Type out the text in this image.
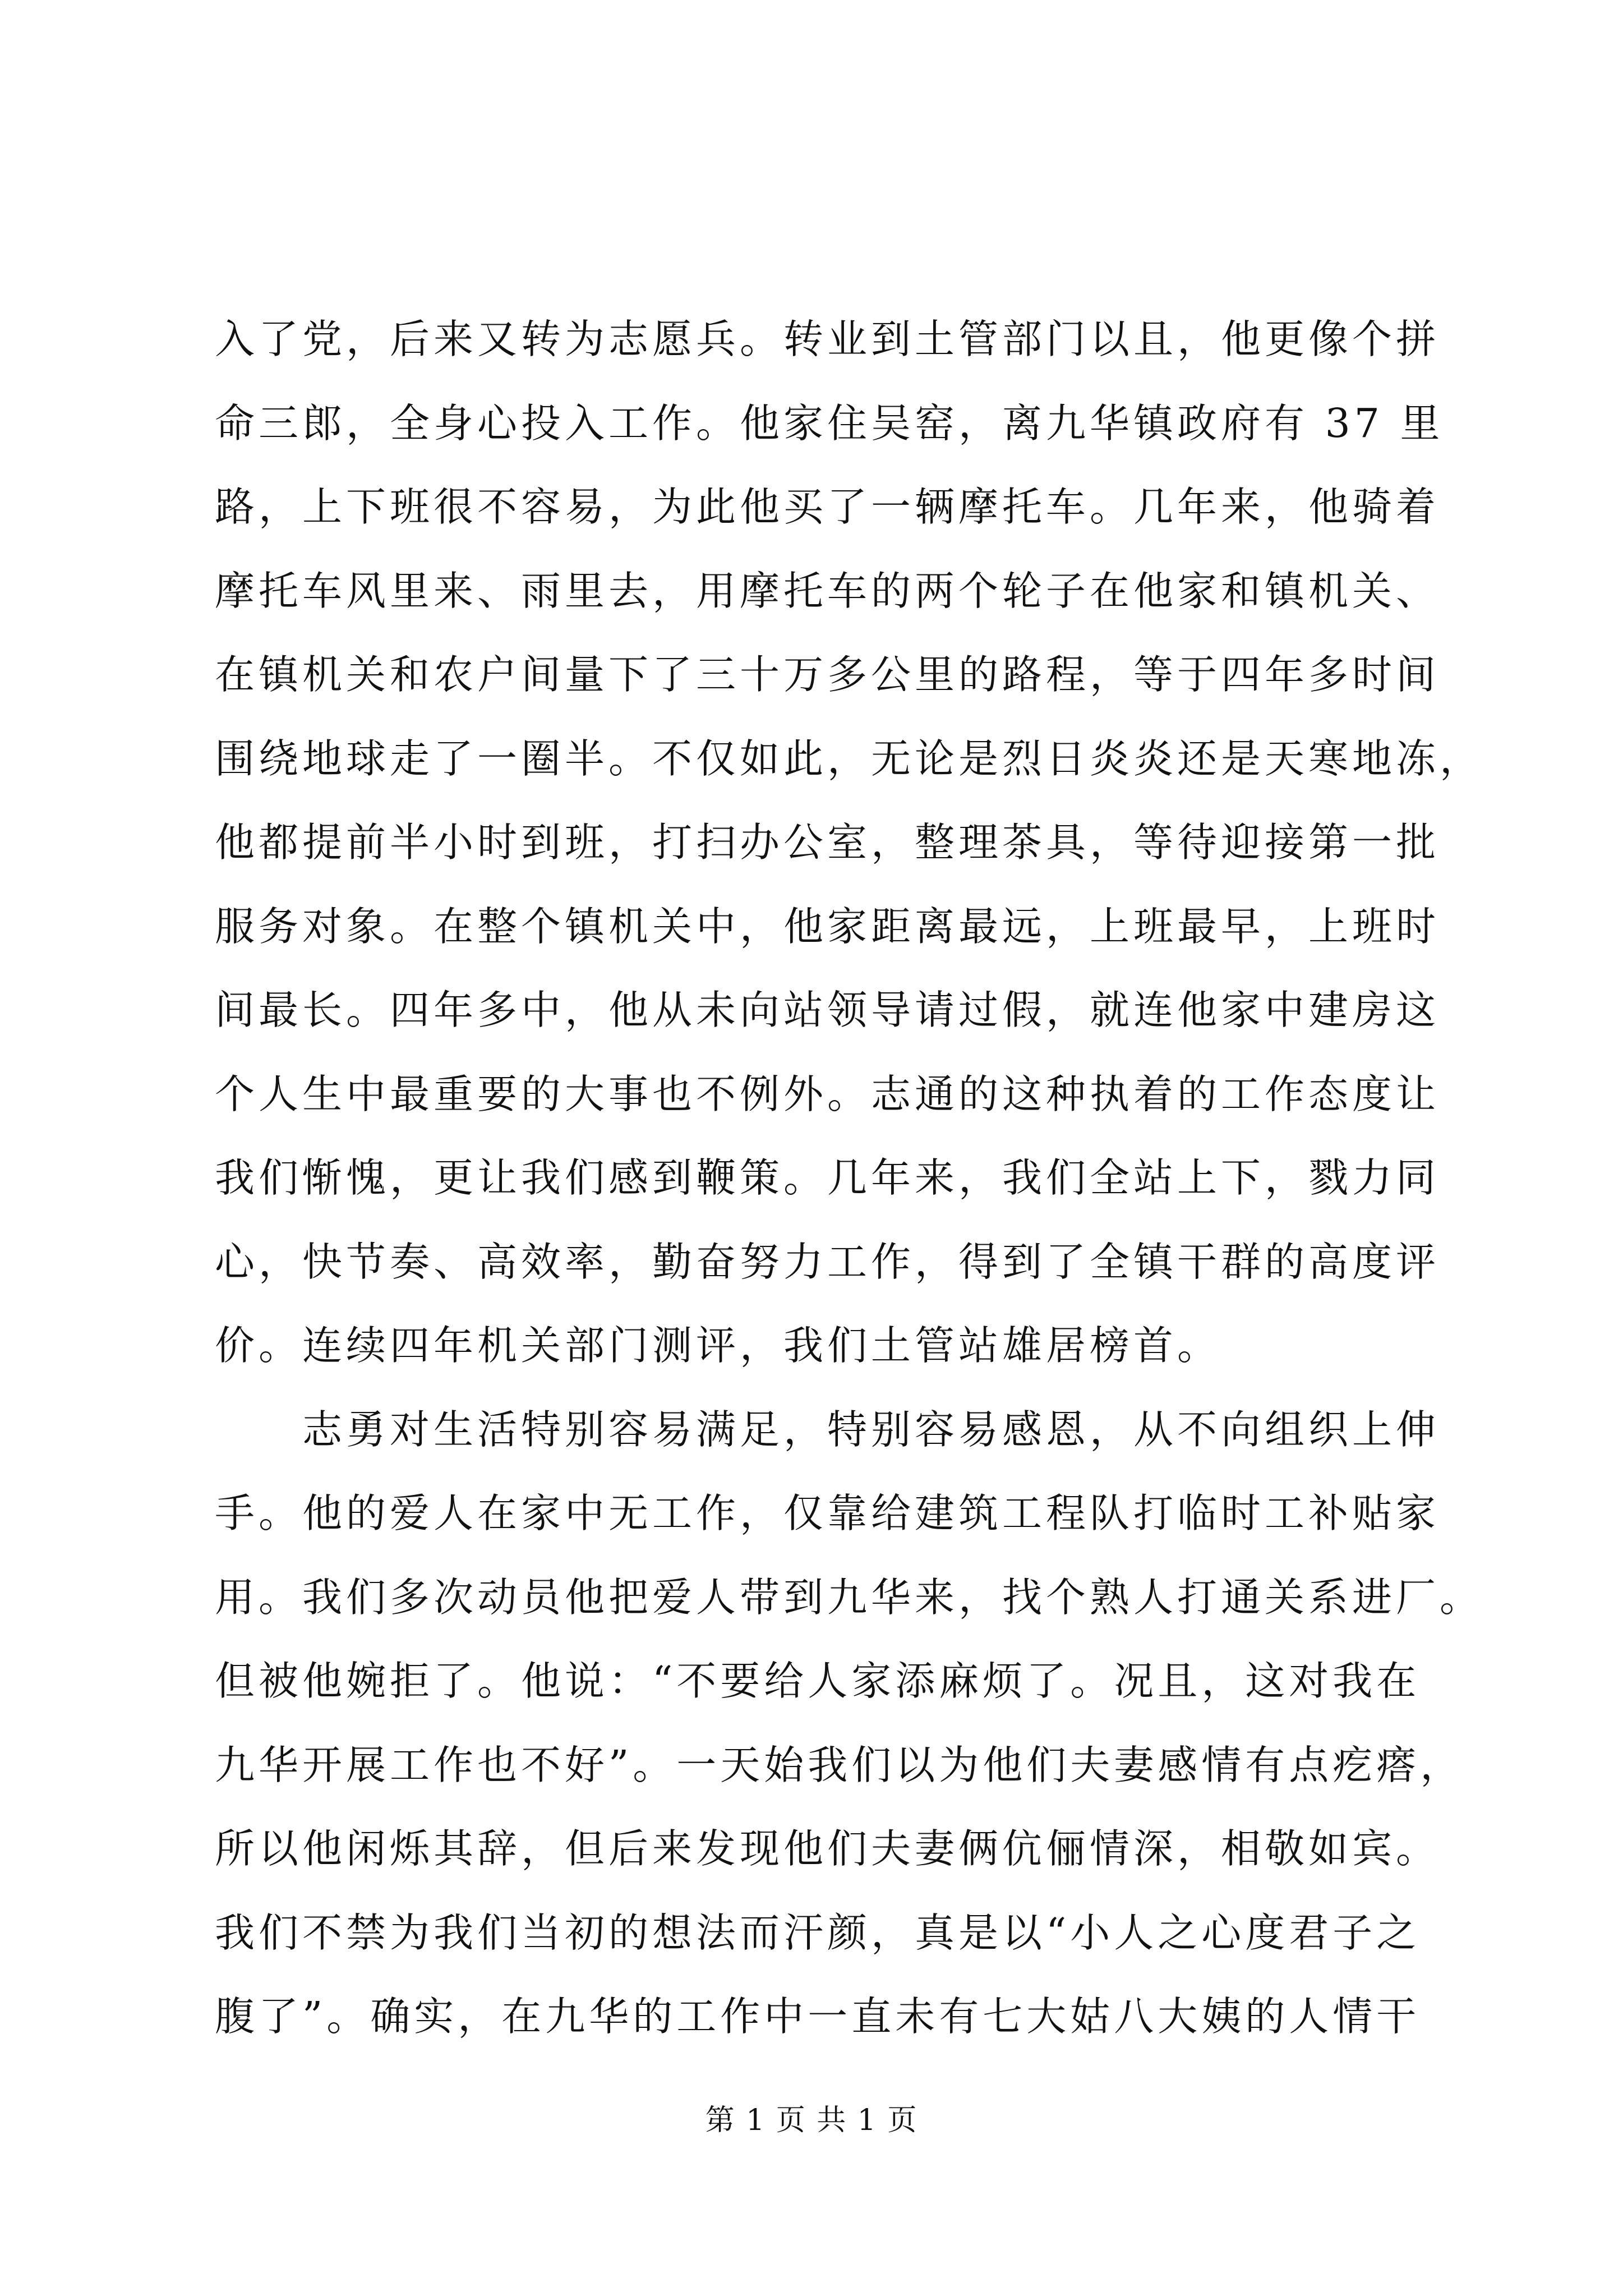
入了党，后来又转为志愿兵。转业到土管部门以且，他更像个拼
命三郎，全身心投入工作。他家住吴窑，离九华镇政府有 37 里
路，上下班很不容易，为此他买了一辆摩托车。几年来，他骑着
摩托车风里来、雨里去，用摩托车的两个轮子在他家和镇机关、
在镇机关和农户间量下了三十万多公里的路程，等于四年多时间
围绕地球走了一圈半。不仅如此，无论是烈日炎炎还是天寒地冻，
他都提前半小时到班，打扫办公室，整理茶具，等待迎接第一批
服务对象。在整个镇机关中，他家距离最远，上班最早，上班时
间最长。四年多中，他从未向站领导请过假，就连他家中建房这
个人生中最重要的大事也不例外。志通的这种执着的工作态度让
我们惭愧，更让我们感到鞭策。几年来，我们全站上下，戮力同
心，快节奏、高效率，勤奋努力工作，得到了全镇干群的高度评
价。连续四年机关部门测评，我们土管站雄居榜首。
　　志勇对生活特别容易满足，特别容易感恩，从不向组织上伸
手。他的爱人在家中无工作，仅靠给建筑工程队打临时工补贴家
用。我们多次动员他把爱人带到九华来，找个熟人打通关系进厂。
但被他婉拒了。他说：“不要给人家添麻烦了。况且，这对我在
九华开展工作也不好”。一天始我们以为他们夫妻感情有点疙瘩，
所以他闲烁其辞，但后来发现他们夫妻俩伉俪情深，相敬如宾。
我们不禁为我们当初的想法而汗颜，真是以“小人之心度君子之
腹了”。确实，在九华的工作中一直未有七大姑八大姨的人情干
第 1 页 共 1 页
